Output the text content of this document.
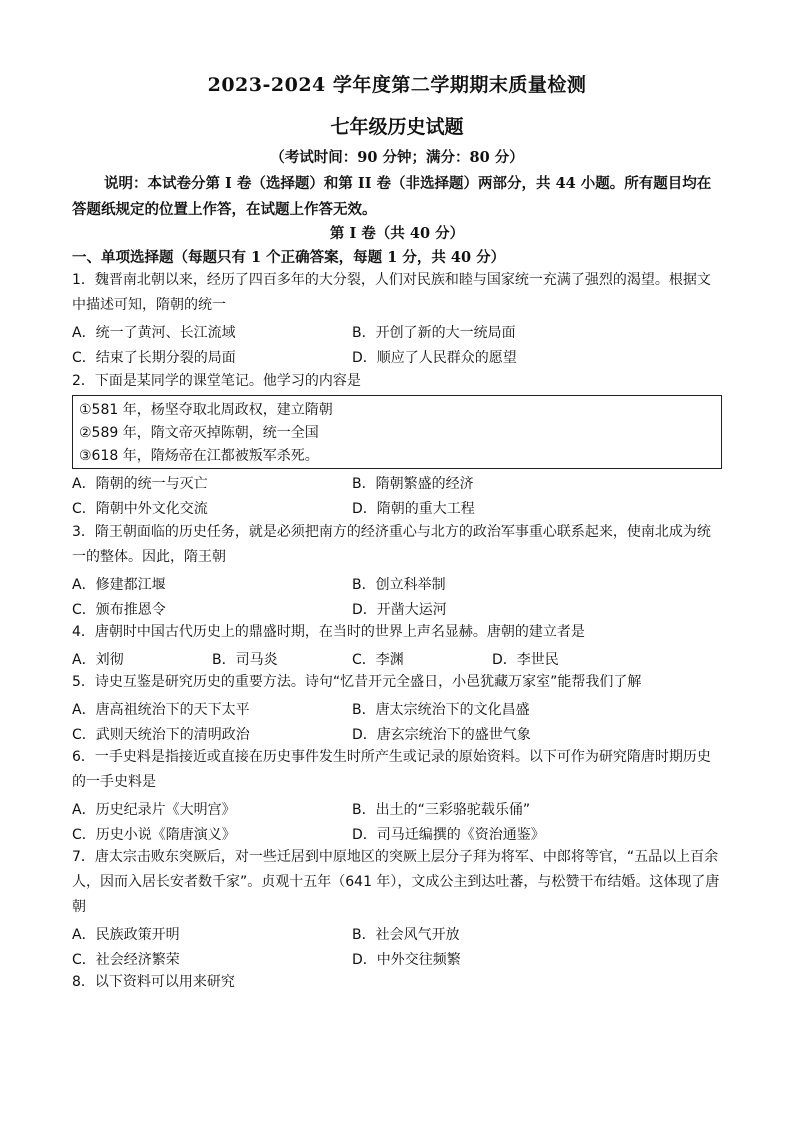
2023-2024 学年度第二学期期末质量检测
七年级历史试题
（考试时间：90 分钟；满分：80 分）
说明：本试卷分第 I 卷（选择题）和第 II 卷（非选择题）两部分，共 44 小题。所有题目均在答题纸规定的位置上作答，在试题上作答无效。
第 I 卷（共 40 分）
一、单项选择题（每题只有 1 个正确答案，每题 1 分，共 40 分）
1．魏晋南北朝以来，经历了四百多年的大分裂，人们对民族和睦与国家统一充满了强烈的渴望。根据文中描述可知，隋朝的统一
A．统一了黄河、长江流域	B．开创了新的大一统局面
C．结束了长期分裂的局面	D．顺应了人民群众的愿望
2．下面是某同学的课堂笔记。他学习的内容是
①581 年，杨坚夺取北周政权，建立隋朝
②589 年，隋文帝灭掉陈朝，统一全国
③618 年，隋炀帝在江都被叛军杀死。
A．隋朝的统一与灭亡	B．隋朝繁盛的经济
C．隋朝中外文化交流	D．隋朝的重大工程
3．隋王朝面临的历史任务，就是必须把南方的经济重心与北方的政治军事重心联系起来，使南北成为统一的整体。因此，隋王朝
A．修建都江堰	B．创立科举制
C．颁布推恩令	D．开凿大运河
4．唐朝时中国古代历史上的鼎盛时期，在当时的世界上声名显赫。唐朝的建立者是
A．刘彻	B．司马炎	C．李渊	D．李世民
5．诗史互鉴是研究历史的重要方法。诗句“忆昔开元全盛日，小邑犹藏万家室”能帮我们了解
A．唐高祖统治下的天下太平	B．唐太宗统治下的文化昌盛
C．武则天统治下的清明政治	D．唐玄宗统治下的盛世气象
6．一手史料是指接近或直接在历史事件发生时所产生或记录的原始资料。以下可作为研究隋唐时期历史的一手史料是
A．历史纪录片《大明宫》	B．出土的“三彩骆驼载乐俑”
C．历史小说《隋唐演义》	D．司马迁编撰的《资治通鉴》
7．唐太宗击败东突厥后，对一些迁居到中原地区的突厥上层分子拜为将军、中郎将等官，“五品以上百余人，因而入居长安者数千家”。贞观十五年（641 年），文成公主到达吐蕃，与松赞干布结婚。这体现了唐朝
A．民族政策开明	B．社会风气开放
C．社会经济繁荣	D．中外交往频繁
8．以下资料可以用来研究
